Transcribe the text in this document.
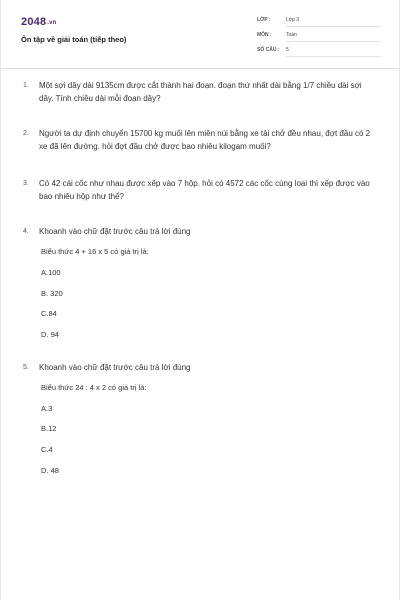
2048.vn
Ôn tập về giải toán (tiếp theo)
LỚP :	Lớp 3
MÔN :	Toán
SỐ CÂU : 5
1.	Một sợi dây dài 9135cm được cắt thành hai đoạn. đoạn thứ nhất dài bằng 1/7 chiều dài sợi dây. Tính chiều dài mỗi đoạn dây?
2.	Người ta dự định chuyển 15700 kg muối lên miền núi bằng xe tải chở đều nhau, đợt đầu có 2 xe đã lên đường. hỏi đợt đầu chở được bao nhiêu kilogam muối?
3.	Có 42 cái cốc như nhau được xếp vào 7 hộp. hỏi có 4572 các cốc cùng loại thì xếp được vào bao nhiêu hộp như thế?
4.	Khoanh vào chữ đặt trước câu trả lời đúng
Biểu thức 4 + 16 x 5 có giá trị là:
A.100
B. 320
C.84
D. 94
5.	Khoanh vào chữ đặt trước câu trả lời đúng
Biểu thức 24 : 4 x 2 có giá trị là:
A.3
B.12
C.4
D. 48
